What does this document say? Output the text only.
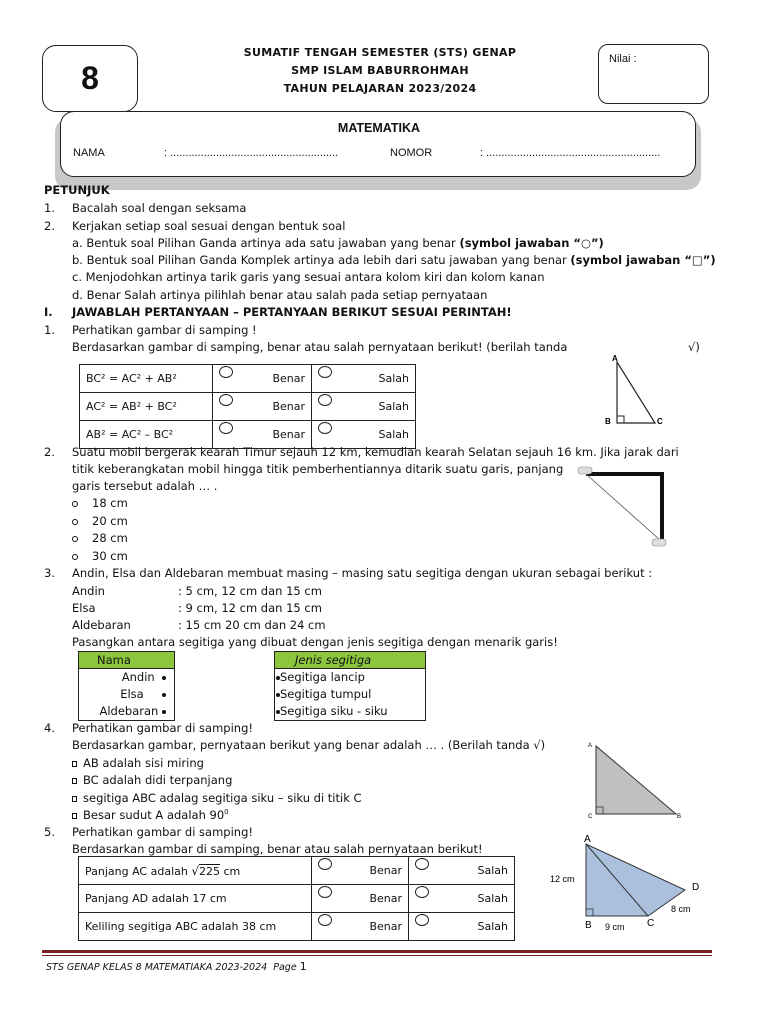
8
SUMATIF TENGAH SEMESTER (STS) GENAP
SMP ISLAM BABURROHMAH
TAHUN PELAJARAN 2023/2024
Nilai :
MATEMATIKA
NAMA	: .......................................................	NOMOR	: .........................................................
PETUNJUK
1. Bacalah soal dengan seksama
2. Kerjakan setiap soal sesuai dengan bentuk soal
a. Bentuk soal Pilihan Ganda artinya ada satu jawaban yang benar (symbol jawaban “○”)
b. Bentuk soal Pilihan Ganda Komplek artinya ada lebih dari satu jawaban yang benar (symbol jawaban “□”)
c. Menjodohkan artinya tarik garis yang sesuai antara kolom kiri dan kolom kanan
d. Benar Salah artinya pilihlah benar atau salah pada setiap pernyataan
I. JAWABLAH PERTANYAAN – PERTANYAAN BERIKUT SESUAI PERINTAH!
1. Perhatikan gambar di samping !
Berdasarkan gambar di samping, benar atau salah pernyataan berikut! (berilah tanda	√)
BC² = AC² + AB²	Benar	Salah

AC² = AB² + BC²	Benar	Salah

AB² = AC² – BC²	Benar	Salah
A
B	C
2. Suatu mobil bergerak kearah Timur sejauh 12 km, kemudian kearah Selatan sejauh 16 km. Jika jarak dari
titik keberangkatan mobil hingga titik pemberhentiannya ditarik suatu garis, panjang
garis tersebut adalah … .
18 cm
20 cm
28 cm
30 cm
3. Andin, Elsa dan Aldebaran membuat masing – masing satu segitiga dengan ukuran sebagai berikut :
Andin	: 5 cm, 12 cm dan 15 cm
Elsa	: 9 cm, 12 cm dan 15 cm
Aldebaran	: 15 cm 20 cm dan 24 cm
Pasangkan antara segitiga yang dibuat dengan jenis segitiga dengan menarik garis!
Nama
Andin
Elsa
Aldebaran
Jenis segitiga
Segitiga lancip
Segitiga tumpul
Segitiga siku - siku
4. Perhatikan gambar di samping!
Berdasarkan gambar, pernyataan berikut yang benar adalah … . (Berilah tanda √)
AB adalah sisi miring
BC adalah didi terpanjang
segitiga ABC adalag segitiga siku – siku di titik C
Besar sudut A adalah $90^0$
A
C	B
5. Perhatikan gambar di samping!
Berdasarkan gambar di samping, benar atau salah pernyataan berikut!
Panjang AC adalah √225 cm	Benar	Salah

Panjang AD adalah 17 cm	Benar	Salah

Keliling segitiga ABC adalah 38 cm	Benar	Salah
A
B	C
D
12 cm
9 cm
8 cm
STS GENAP KELAS 8 MATEMATIAKA 2023-2024 Page 1
